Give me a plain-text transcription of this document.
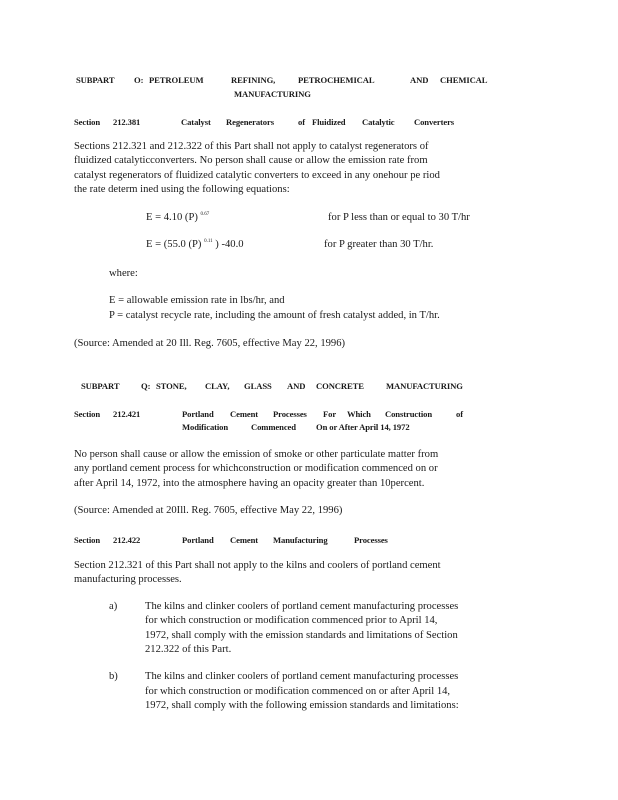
SUBPART O: PETROLEUM	REFINING,	PETROCHEMICAL	AND CHEMICAL
MANUFACTURING
Section 212.381	Catalyst Regenerators	of Fluidized Catalytic Converters
Sections 212.321 and 212.322 of this Part shall not apply to catalyst regenerators of
fluidized catalyticconverters. No person shall cause or allow the emission rate from
catalyst regenerators of fluidized catalytic converters to exceed in any onehour pe riod
the rate determ ined using the following equations:
E = 4.10 (P) $^{0.67}$	for P less than or equal to 30 T/hr
E = (55.0 (P) $^{0.11}$ ) -40.0	for P greater than 30 T/hr.
where:
E = allowable emission rate in lbs/hr, and
P = catalyst recycle rate, including the amount of fresh catalyst added, in T/hr.
(Source: Amended at 20 Ill. Reg. 7605, effective May 22, 1996)
SUBPART	Q: STONE, CLAY, GLASS AND CONCRETE	MANUFACTURING
Section 212.421	Portland Cement Processes For Which Construction	of
Modification	Commenced On or After April 14, 1972
No person shall cause or allow the emission of smoke or other particulate matter from
any portland cement process for whichconstruction or modification commenced on or
after April 14, 1972, into the atmosphere having an opacity greater than 10percent.
(Source: Amended at 20Ill. Reg. 7605, effective May 22, 1996)
Section 212.422	Portland Cement Manufacturing	Processes
Section 212.321 of this Part shall not apply to the kilns and coolers of portland cement
manufacturing processes.
a)	The kilns and clinker coolers of portland cement manufacturing processes
for which construction or modification commenced prior to April 14,
1972, shall comply with the emission standards and limitations of Section
212.322 of this Part.
b)	The kilns and clinker coolers of portland cement manufacturing processes
for which construction or modification commenced on or after April 14,
1972, shall comply with the following emission standards and limitations:
